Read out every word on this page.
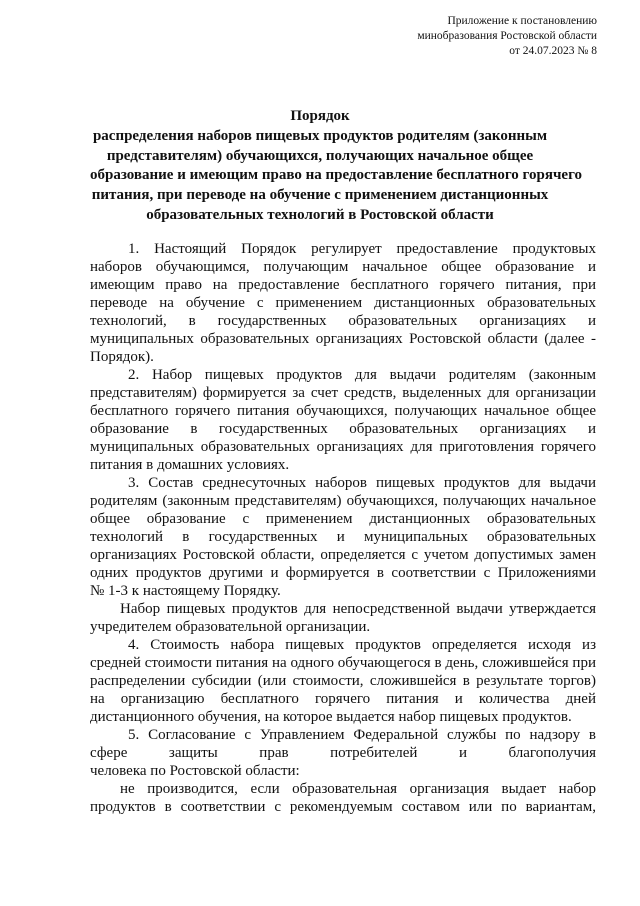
Приложение к постановлению
минобразования Ростовской области
от 24.07.2023 № 8
Порядок
распределения наборов пищевых продуктов родителям (законным
представителям) обучающихся, получающих начальное общее
образование и имеющим право на предоставление бесплатного горячего
питания, при переводе на обучение с применением дистанционных
образовательных технологий в Ростовской области
1. Настоящий Порядок регулирует предоставление продуктовых
наборов обучающимся, получающим начальное общее образование и
имеющим право на предоставление бесплатного горячего питания, при
переводе на обучение с применением дистанционных образовательных
технологий, в государственных образовательных организациях и
муниципальных образовательных организациях Ростовской области (далее -
Порядок).
2. Набор пищевых продуктов для выдачи родителям (законным
представителям) формируется за счет средств, выделенных для организации
бесплатного горячего питания обучающихся, получающих начальное общее
образование в государственных образовательных организациях и
муниципальных образовательных организациях для приготовления горячего
питания в домашних условиях.
3. Состав среднесуточных наборов пищевых продуктов для выдачи
родителям (законным представителям) обучающихся, получающих начальное
общее образование с применением дистанционных образовательных
технологий в государственных и муниципальных образовательных
организациях Ростовской области, определяется с учетом допустимых замен
одних продуктов другими и формируется в соответствии с Приложениями
№ 1-3 к настоящему Порядку.
Набор пищевых продуктов для непосредственной выдачи утверждается
учредителем образовательной организации.
4. Стоимость набора пищевых продуктов определяется исходя из
средней стоимости питания на одного обучающегося в день, сложившейся при
распределении субсидии (или стоимости, сложившейся в результате торгов)
на организацию бесплатного горячего питания и количества дней
дистанционного обучения, на которое выдается набор пищевых продуктов.
5. Согласование с Управлением Федеральной службы по надзору в
сфере защиты прав потребителей и благополучия
человека по Ростовской области:
не производится, если образовательная организация выдает набор
продуктов в соответствии с рекомендуемым составом или по вариантам,
